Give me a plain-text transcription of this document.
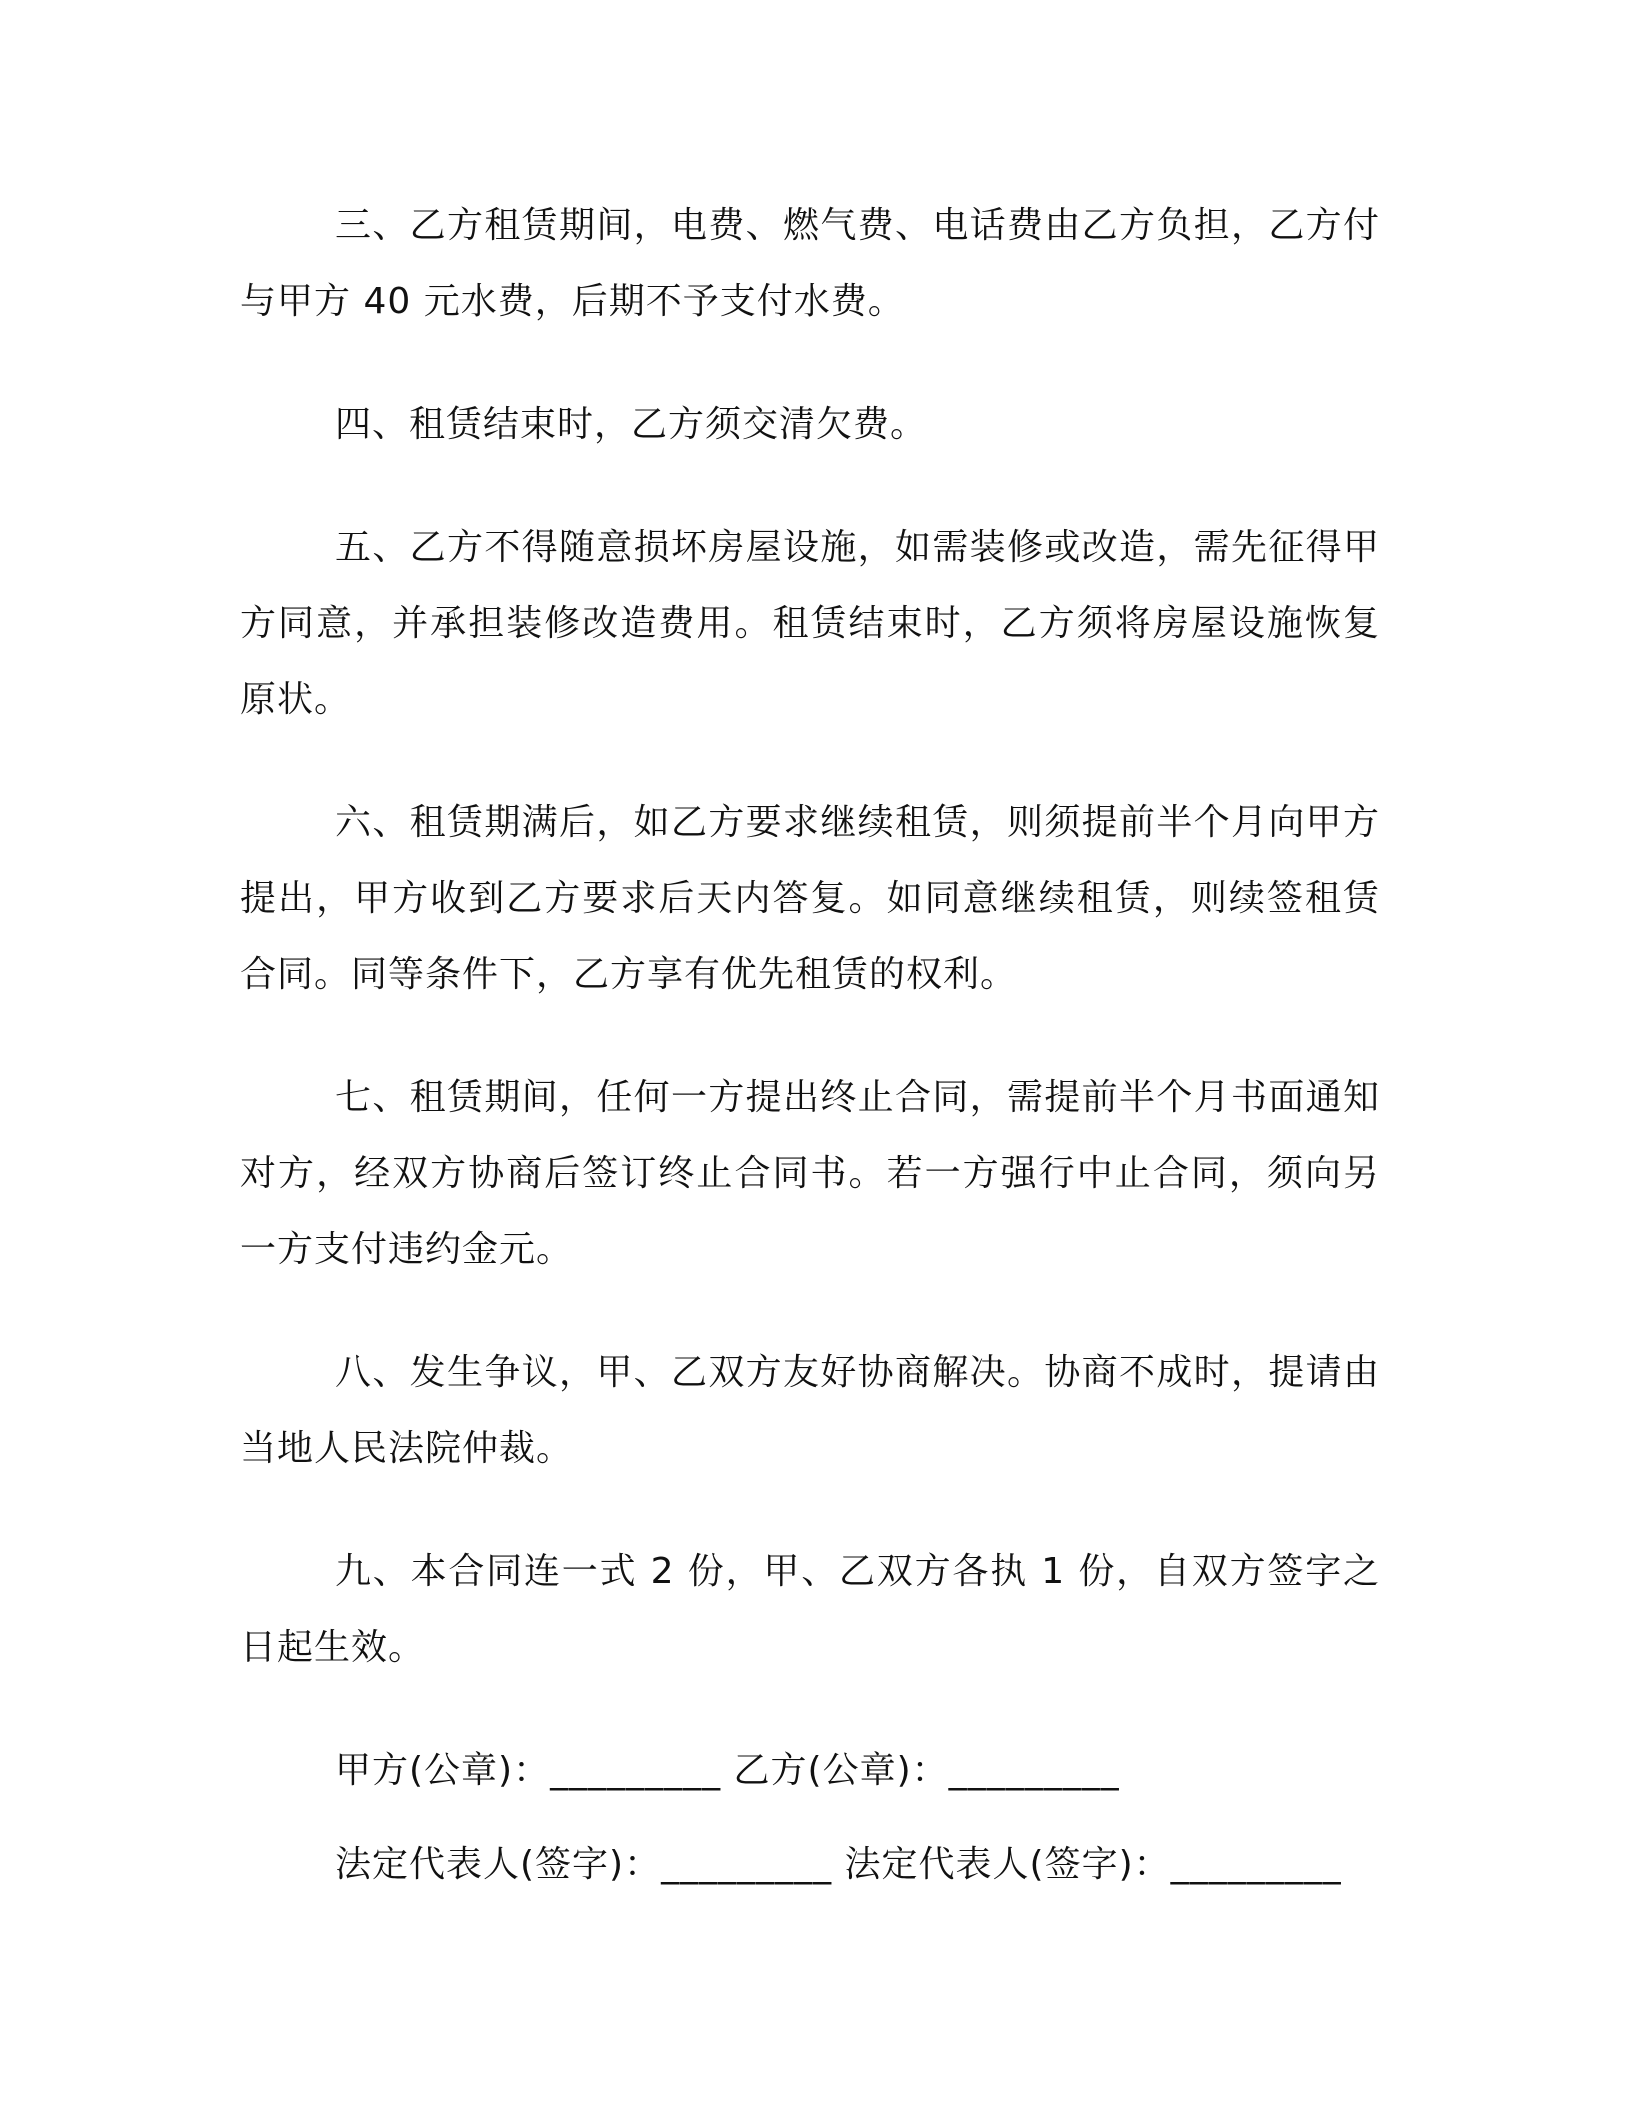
三、乙方租赁期间，电费、燃气费、电话费由乙方负担，乙方付与甲方 40 元水费，后期不予支付水费。

四、租赁结束时，乙方须交清欠费。

五、乙方不得随意损坏房屋设施，如需装修或改造，需先征得甲方同意，并承担装修改造费用。租赁结束时，乙方须将房屋设施恢复原状。

六、租赁期满后，如乙方要求继续租赁，则须提前半个月向甲方提出，甲方收到乙方要求后天内答复。如同意继续租赁，则续签租赁合同。同等条件下，乙方享有优先租赁的权利。

七、租赁期间，任何一方提出终止合同，需提前半个月书面通知对方，经双方协商后签订终止合同书。若一方强行中止合同，须向另一方支付违约金元。

八、发生争议，甲、乙双方友好协商解决。协商不成时，提请由当地人民法院仲裁。

九、本合同连一式 2 份，甲、乙双方各执 1 份，自双方签字之日起生效。

甲方(公章)：_________ 乙方(公章)：_________

法定代表人(签字)：_________ 法定代表人(签字)：_________
